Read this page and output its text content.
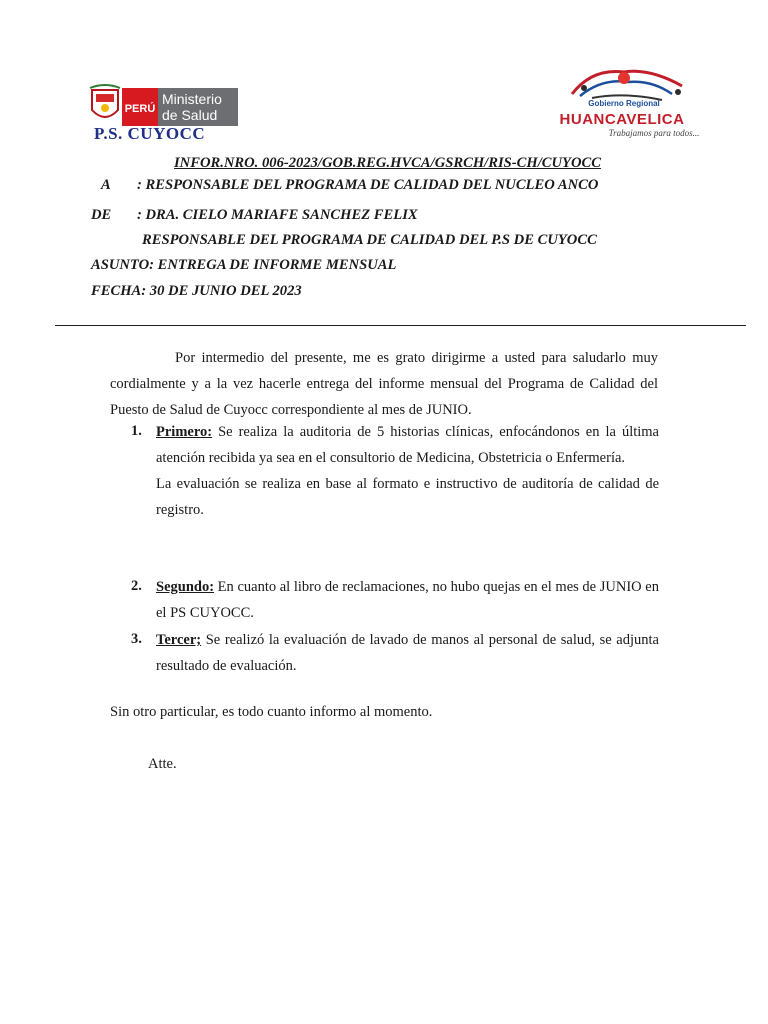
PERÚ
Ministerio
de Salud
P.S. CUYOCC
Gobierno Regional
HUANCAVELICA
Trabajamos para todos...
INFOR.NRO. 006-2023/GOB.REG.HVCA/GSRCH/RIS-CH/CUYOCC
A : RESPONSABLE DEL PROGRAMA DE CALIDAD DEL NUCLEO ANCO
DE : DRA. CIELO MARIAFE SANCHEZ FELIX
RESPONSABLE DEL PROGRAMA DE CALIDAD DEL P.S DE CUYOCC
ASUNTO: ENTREGA DE INFORME MENSUAL
FECHA: 30 DE JUNIO DEL 2023
Por intermedio del presente, me es grato dirigirme a usted para saludarlo muy cordialmente y a la vez hacerle entrega del informe mensual del Programa de Calidad del Puesto de Salud de Cuyocc correspondiente al mes de JUNIO.
1. Primero: Se realiza la auditoria de 5 historias clínicas, enfocándonos en la última atención recibida ya sea en el consultorio de Medicina, Obstetricia o Enfermería.
La evaluación se realiza en base al formato e instructivo de auditoría de calidad de registro.
2. Segundo: En cuanto al libro de reclamaciones, no hubo quejas en el mes de JUNIO en el PS CUYOCC.
3. Tercer; Se realizó la evaluación de lavado de manos al personal de salud, se adjunta resultado de evaluación.
Sin otro particular, es todo cuanto informo al momento.
Atte.
